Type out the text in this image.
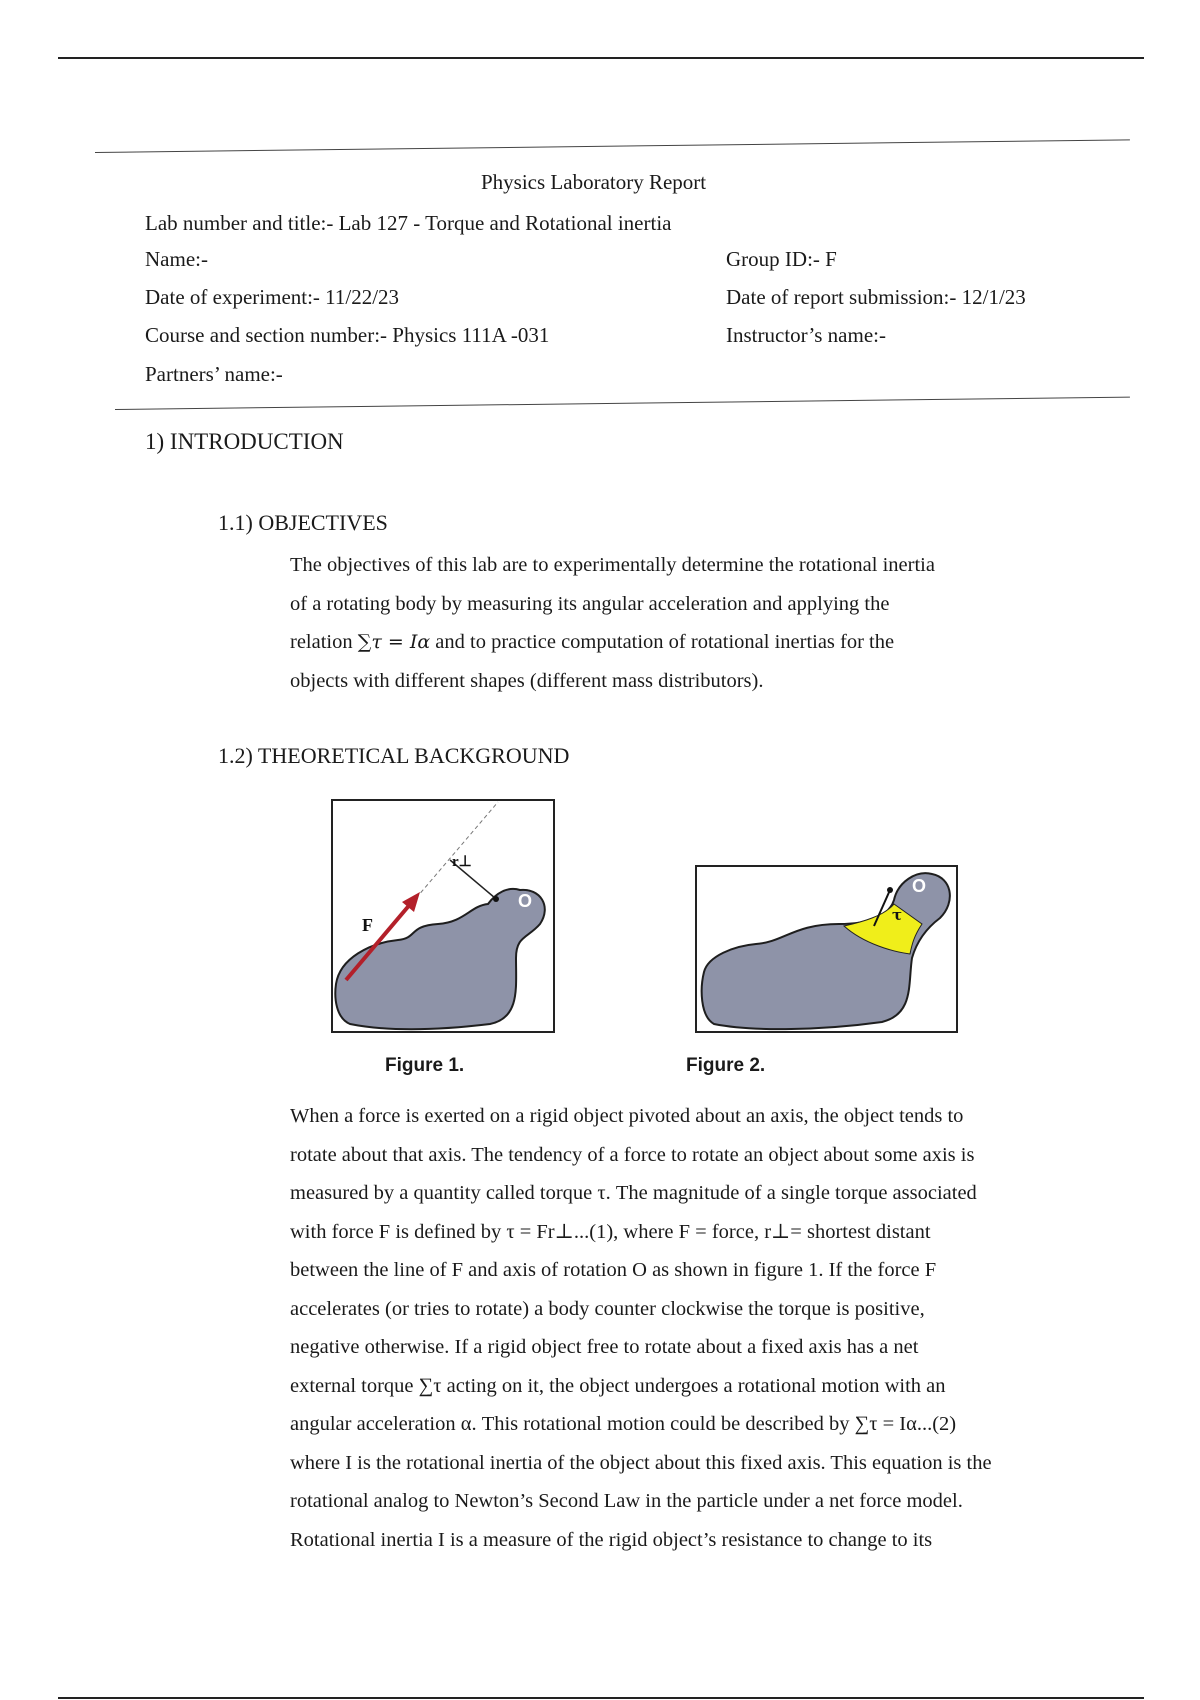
Physics Laboratory Report
Lab number and title:- Lab 127 - Torque and Rotational inertia
Name:-	Group ID:- F
Date of experiment:- 11/22/23	Date of report submission:- 12/1/23
Course and section number:- Physics 111A -031	Instructor’s name:-
Partners’ name:-
1) INTRODUCTION
1.1) OBJECTIVES
The objectives of this lab are to experimentally determine the rotational inertia
of a rotating body by measuring its angular acceleration and applying the
relation ∑τ = Iα and to practice computation of rotational inertias for the
objects with different shapes (different mass distributors).
1.2) THEORETICAL BACKGROUND
r⊥
F
O
Figure 1.
τ
O
Figure 2.
When a force is exerted on a rigid object pivoted about an axis, the object tends to
rotate about that axis. The tendency of a force to rotate an object about some axis is
measured by a quantity called torque τ. The magnitude of a single torque associated
with force F is defined by τ = Fr⊥...(1), where F = force, r⊥= shortest distant
between the line of F and axis of rotation O as shown in figure 1. If the force F
accelerates (or tries to rotate) a body counter clockwise the torque is positive,
negative otherwise. If a rigid object free to rotate about a fixed axis has a net
external torque ∑τ acting on it, the object undergoes a rotational motion with an
angular acceleration α. This rotational motion could be described by ∑τ = Iα...(2)
where I is the rotational inertia of the object about this fixed axis. This equation is the
rotational analog to Newton’s Second Law in the particle under a net force model.
Rotational inertia I is a measure of the rigid object’s resistance to change to its
